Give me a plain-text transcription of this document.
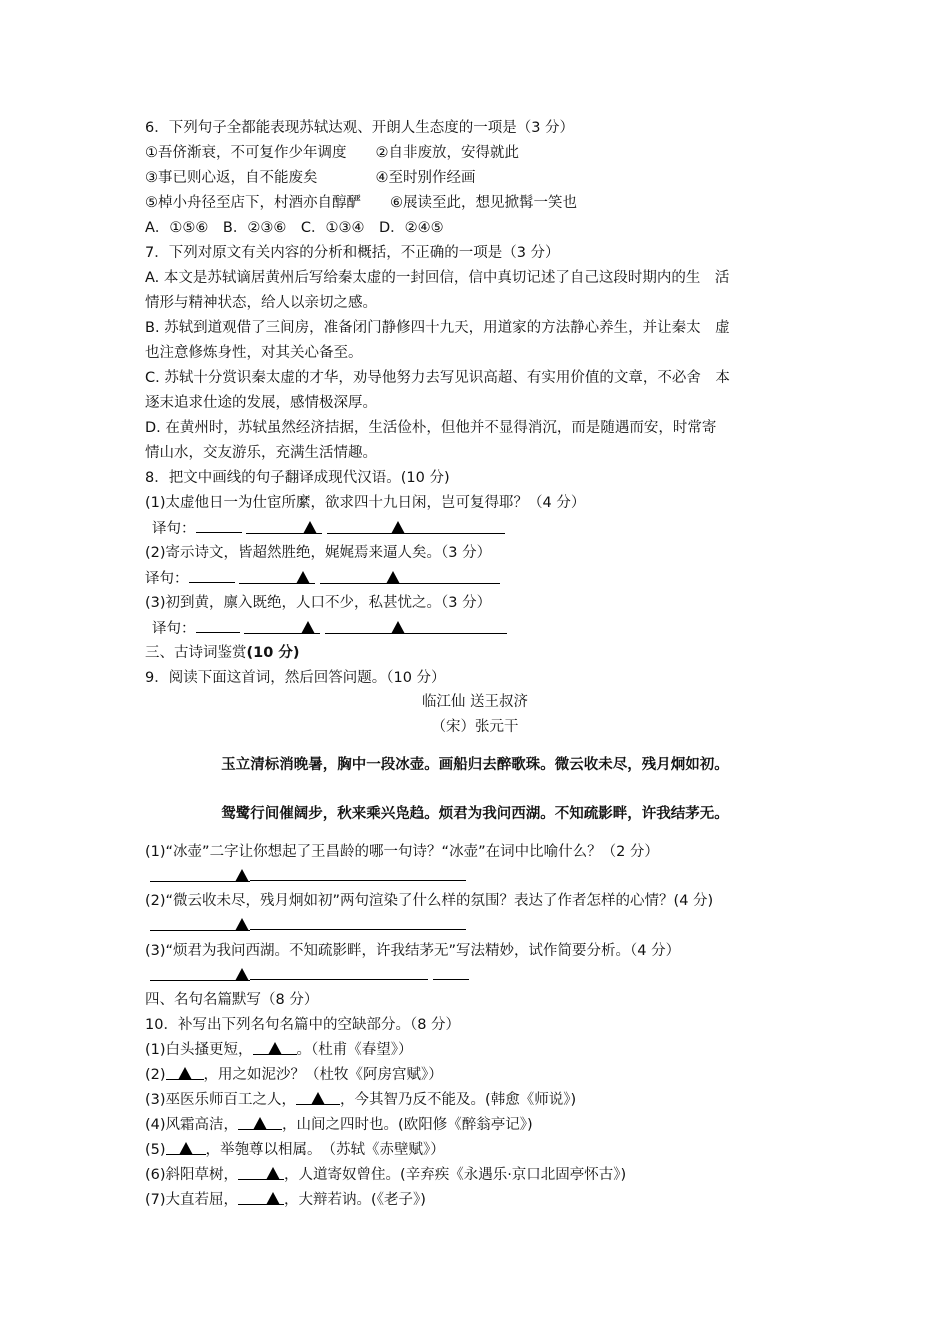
6．下列句子全都能表现苏轼达观、开朗人生态度的一项是（3 分）
①吾侪渐衰，不可复作少年调度　　②自非废放，安得就此
③事已则心返，自不能废矣　　　　④至时别作经画
⑤棹小舟径至店下，村酒亦自醇酽　　⑥展读至此，想见掀髯一笑也
A．①⑤⑥　B．②③⑥　C．①③④　D．②④⑤
7．下列对原文有关内容的分析和概括，不正确的一项是（3 分）
A. 本文是苏轼谪居黄州后写给秦太虚的一封回信，信中真切记述了自己这段时期内的生　活
情形与精神状态，给人以亲切之感。
B. 苏轼到道观借了三间房，准备闭门静修四十九天，用道家的方法静心养生，并让秦太　虚
也注意修炼身性，对其关心备至。
C. 苏轼十分赏识秦太虚的才华，劝导他努力去写见识高超、有实用价值的文章，不必舍　本
逐末追求仕途的发展，感情极深厚。
D. 在黄州时，苏轼虽然经济拮据，生活俭朴，但他并不显得消沉，而是随遇而安，时常寄
情山水，交友游乐，充满生活情趣。
8．把文中画线的句子翻译成现代汉语。(10 分)
(1)太虚他日一为仕宦所縻，欲求四十九日闲，岂可复得耶？（4 分）
译句：
(2)寄示诗文，皆超然胜绝，娓娓焉来逼人矣。（3 分）
译句：
(3)初到黄，廪入既绝，人口不少，私甚忧之。（3 分）
译句：
三、古诗词鉴赏(10 分)
9．阅读下面这首词，然后回答问题。（10 分）
临江仙 送王叔济
（宋）张元干
玉立清标消晚暑，胸中一段冰壶。画船归去醉歌珠。微云收未尽，残月炯如初。
鸳鹭行间催阔步，秋来乘兴凫趋。烦君为我问西湖。不知疏影畔，许我结茅无。
(1)“冰壶”二字让你想起了王昌龄的哪一句诗？“冰壶”在词中比喻什么？（2 分）
(2)“微云收未尽，残月炯如初”两句渲染了什么样的氛围？表达了作者怎样的心情？(4 分)
(3)“烦君为我问西湖。不知疏影畔，许我结茅无”写法精妙，试作简要分析。（4 分）

四、名句名篇默写（8 分）
10．补写出下列名句名篇中的空缺部分。（8 分）
(1)白头搔更短，	。（杜甫《春望》）
(2)	，用之如泥沙？（杜牧《阿房宫赋》）
(3)巫医乐师百工之人，	，今其智乃反不能及。(韩愈《师说》)
(4)风霜高洁，	，山间之四时也。(欧阳修《醉翁亭记》)
(5)	，举匏尊以相属。　（苏轼《赤壁赋》）
(6)斜阳草树，	，人道寄奴曾住。(辛弃疾《永遇乐·京口北固亭怀古》)
(7)大直若屈，	，大辩若讷。(《老子》)
